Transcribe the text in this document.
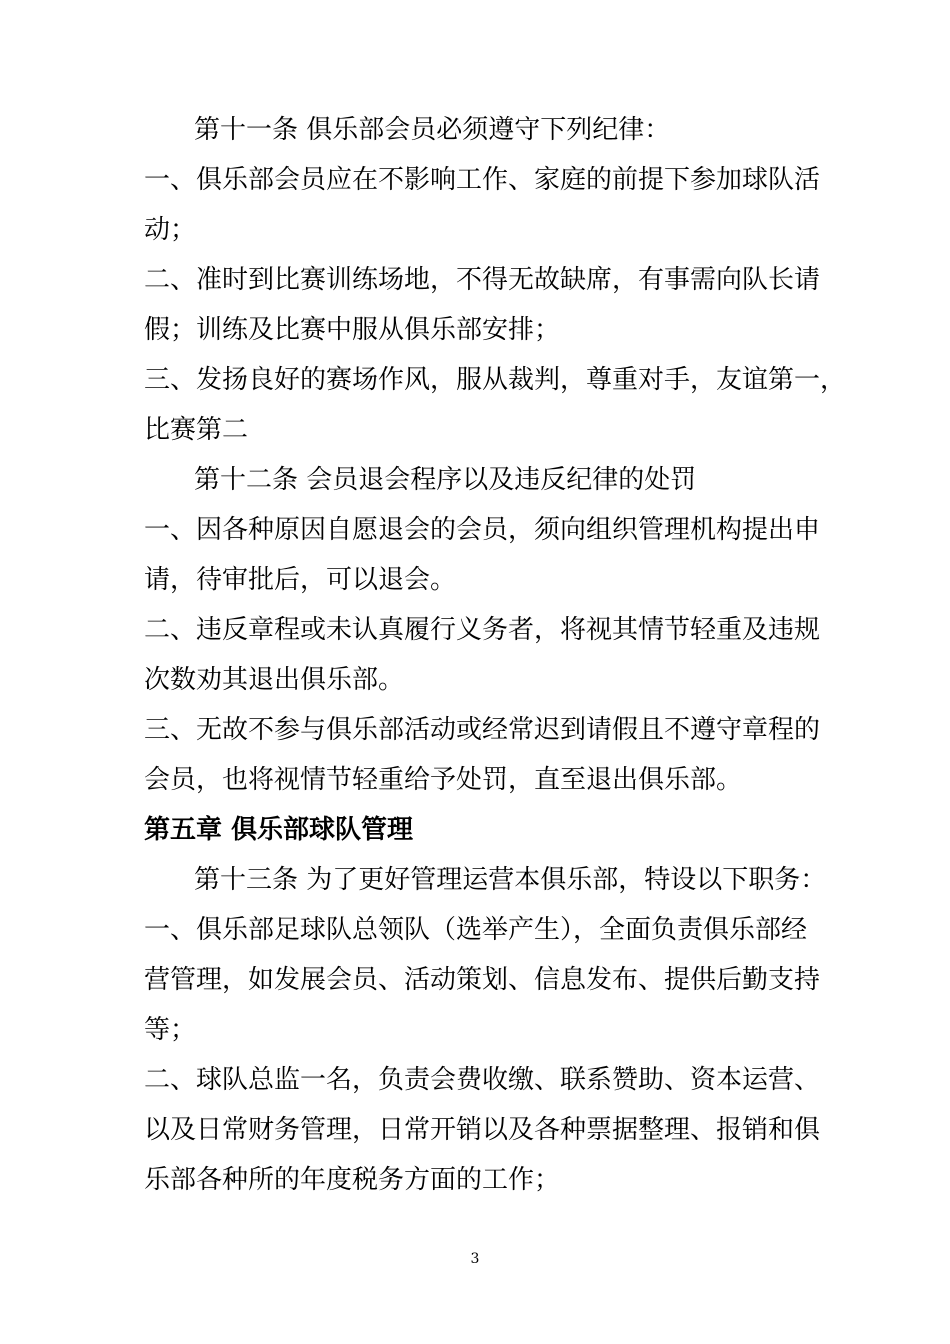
第十一条 俱乐部会员必须遵守下列纪律：
一、俱乐部会员应在不影响工作、家庭的前提下参加球队活
动；
二、准时到比赛训练场地，不得无故缺席，有事需向队长请
假；训练及比赛中服从俱乐部安排；
三、发扬良好的赛场作风，服从裁判，尊重对手，友谊第一，
比赛第二
第十二条 会员退会程序以及违反纪律的处罚
一、因各种原因自愿退会的会员，须向组织管理机构提出申
请，待审批后，可以退会。
二、违反章程或未认真履行义务者，将视其情节轻重及违规
次数劝其退出俱乐部。
三、无故不参与俱乐部活动或经常迟到请假且不遵守章程的
会员，也将视情节轻重给予处罚，直至退出俱乐部。
第五章 俱乐部球队管理
第十三条 为了更好管理运营本俱乐部，特设以下职务：
一、俱乐部足球队总领队（选举产生），全面负责俱乐部经
营管理，如发展会员、活动策划、信息发布、提供后勤支持
等；
二、球队总监一名，负责会费收缴、联系赞助、资本运营、
以及日常财务管理，日常开销以及各种票据整理、报销和俱
乐部各种所的年度税务方面的工作；
3
